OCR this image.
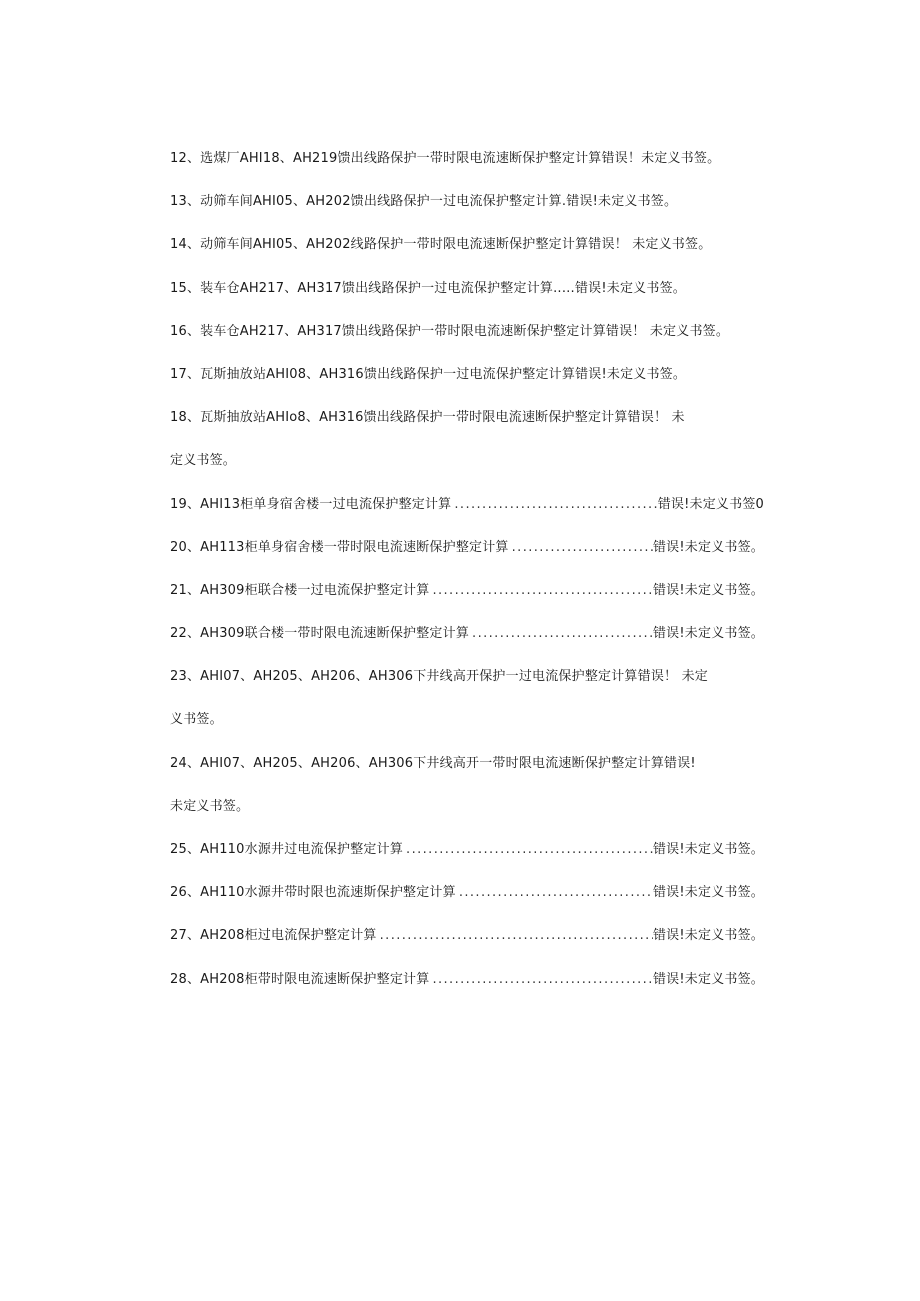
12、选煤厂AHI18、AH219馈出线路保护一带时限电流速断保护整定计算错误！未定义书签。
13、动筛车间AHI05、AH202馈出线路保护一过电流保护整定计算.错误!未定义书签。
14、动筛车间AHI05、AH202线路保护一带时限电流速断保护整定计算错误！ 未定义书签。
15、装车仓AH217、AH317馈出线路保护一过电流保护整定计算..…错误!未定义书签。
16、装车仓AH217、AH317馈出线路保护一带时限电流速断保护整定计算错误！ 未定义书签。
17、瓦斯抽放站AHI08、AH316馈出线路保护一过电流保护整定计算错误!未定义书签。
18、瓦斯抽放站AHIo8、AH316馈出线路保护一带时限电流速断保护整定计算错误！ 未
定义书签。
19、AHI13柜单身宿舍楼一过电流保护整定计算 .....	错误!未定义书签0
20、AH113柜单身宿舍楼一带时限电流速断保护整定计算 .....	错误!未定义书签。
21、AH309柜联合楼一过电流保护整定计算 .....	错误!未定义书签。
22、AH309联合楼一带时限电流速断保护整定计算 .....	错误!未定义书签。
23、AHI07、AH205、AH206、AH306下井线高开保护一过电流保护整定计算错误！ 未定
义书签。
24、AHI07、AH205、AH206、AH306下井线高开一带时限电流速断保护整定计算错误!
未定义书签。
25、AH110水源井过电流保护整定计算 .....	错误!未定义书签。
26、AH110水源井带时限也流速斯保护整定计算 .....	错误!未定义书签。
27、AH208柜过电流保护整定计算 .....	错误!未定义书签。
28、AH208柜带时限电流速断保护整定计算 .....	错误!未定义书签。
